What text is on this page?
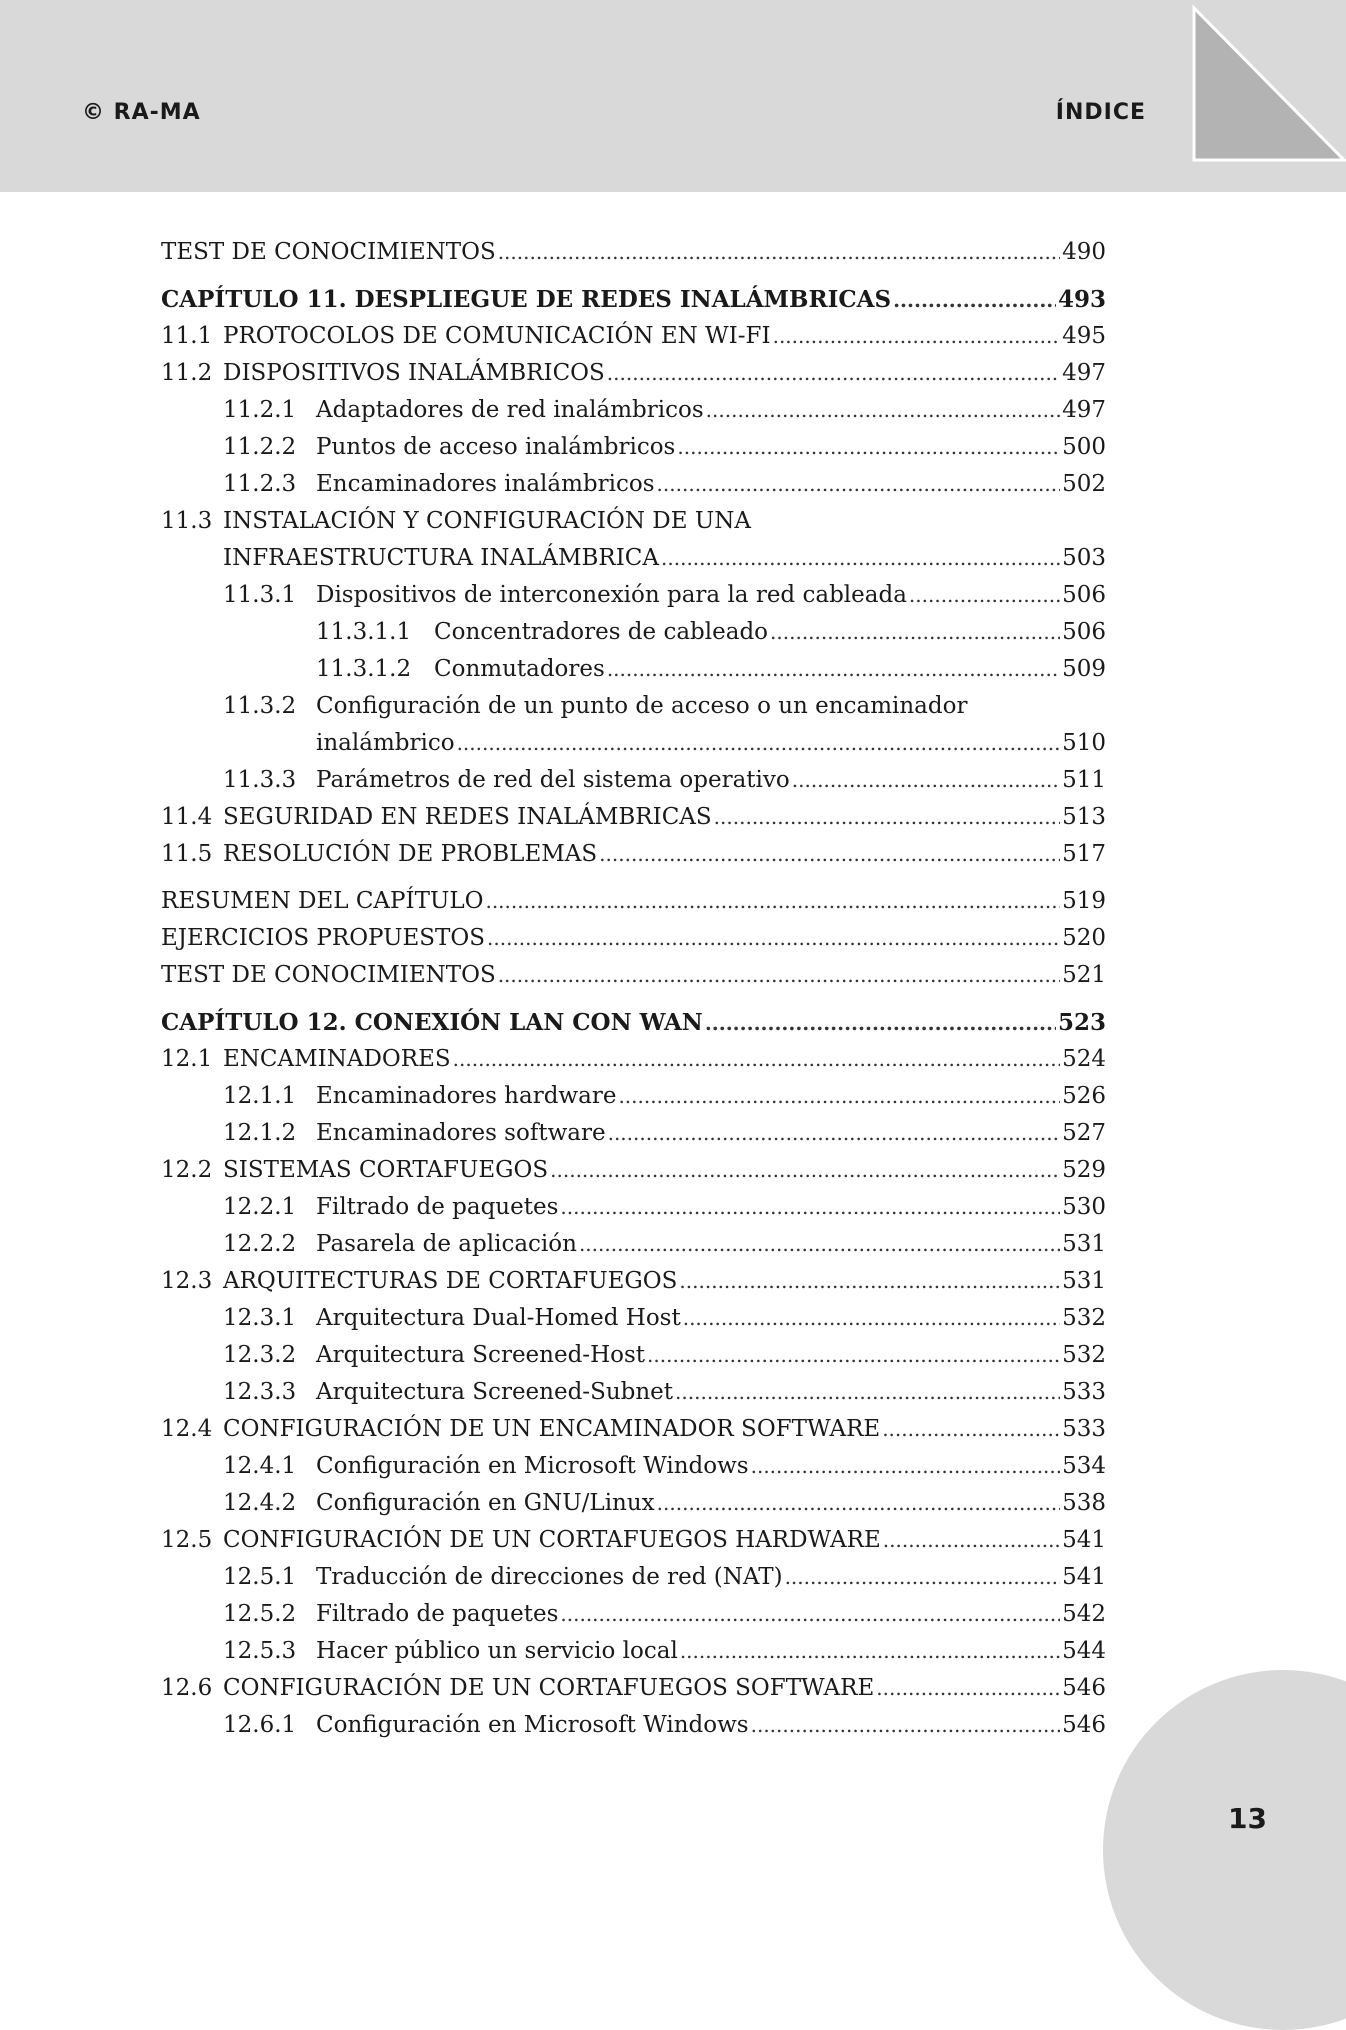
© RA-MA	ÍNDICE
TEST DE CONOCIMIENTOS .....	490
CAPÍTULO 11. DESPLIEGUE DE REDES INALÁMBRICAS .....	493
11.1 PROTOCOLOS DE COMUNICACIÓN EN WI-FI .....	495
11.2 DISPOSITIVOS INALÁMBRICOS .....	497
11.2.1 Adaptadores de red inalámbricos .....	497
11.2.2 Puntos de acceso inalámbricos .....	500
11.2.3 Encaminadores inalámbricos .....	502
11.3 INSTALACIÓN Y CONFIGURACIÓN DE UNA
INFRAESTRUCTURA INALÁMBRICA .....	503
11.3.1 Dispositivos de interconexión para la red cableada .....	506
11.3.1.1 Concentradores de cableado .....	506
11.3.1.2 Conmutadores .....	509
11.3.2 Configuración de un punto de acceso o un encaminador
inalámbrico .....	510
11.3.3 Parámetros de red del sistema operativo .....	511
11.4 SEGURIDAD EN REDES INALÁMBRICAS .....	513
11.5 RESOLUCIÓN DE PROBLEMAS .....	517
RESUMEN DEL CAPÍTULO .....	519
EJERCICIOS PROPUESTOS .....	520
TEST DE CONOCIMIENTOS .....	521
CAPÍTULO 12. CONEXIÓN LAN CON WAN .....	523
12.1 ENCAMINADORES .....	524
12.1.1 Encaminadores hardware .....	526
12.1.2 Encaminadores software .....	527
12.2 SISTEMAS CORTAFUEGOS .....	529
12.2.1 Filtrado de paquetes .....	530
12.2.2 Pasarela de aplicación .....	531
12.3 ARQUITECTURAS DE CORTAFUEGOS .....	531
12.3.1 Arquitectura Dual-Homed Host .....	532
12.3.2 Arquitectura Screened-Host .....	532
12.3.3 Arquitectura Screened-Subnet .....	533
12.4 CONFIGURACIÓN DE UN ENCAMINADOR SOFTWARE .....	533
12.4.1 Configuración en Microsoft Windows .....	534
12.4.2 Configuración en GNU/Linux .....	538
12.5 CONFIGURACIÓN DE UN CORTAFUEGOS HARDWARE .....	541
12.5.1 Traducción de direcciones de red (NAT) .....	541
12.5.2 Filtrado de paquetes .....	542
12.5.3 Hacer público un servicio local .....	544
12.6 CONFIGURACIÓN DE UN CORTAFUEGOS SOFTWARE .....	546
12.6.1 Configuración en Microsoft Windows .....	546
13
